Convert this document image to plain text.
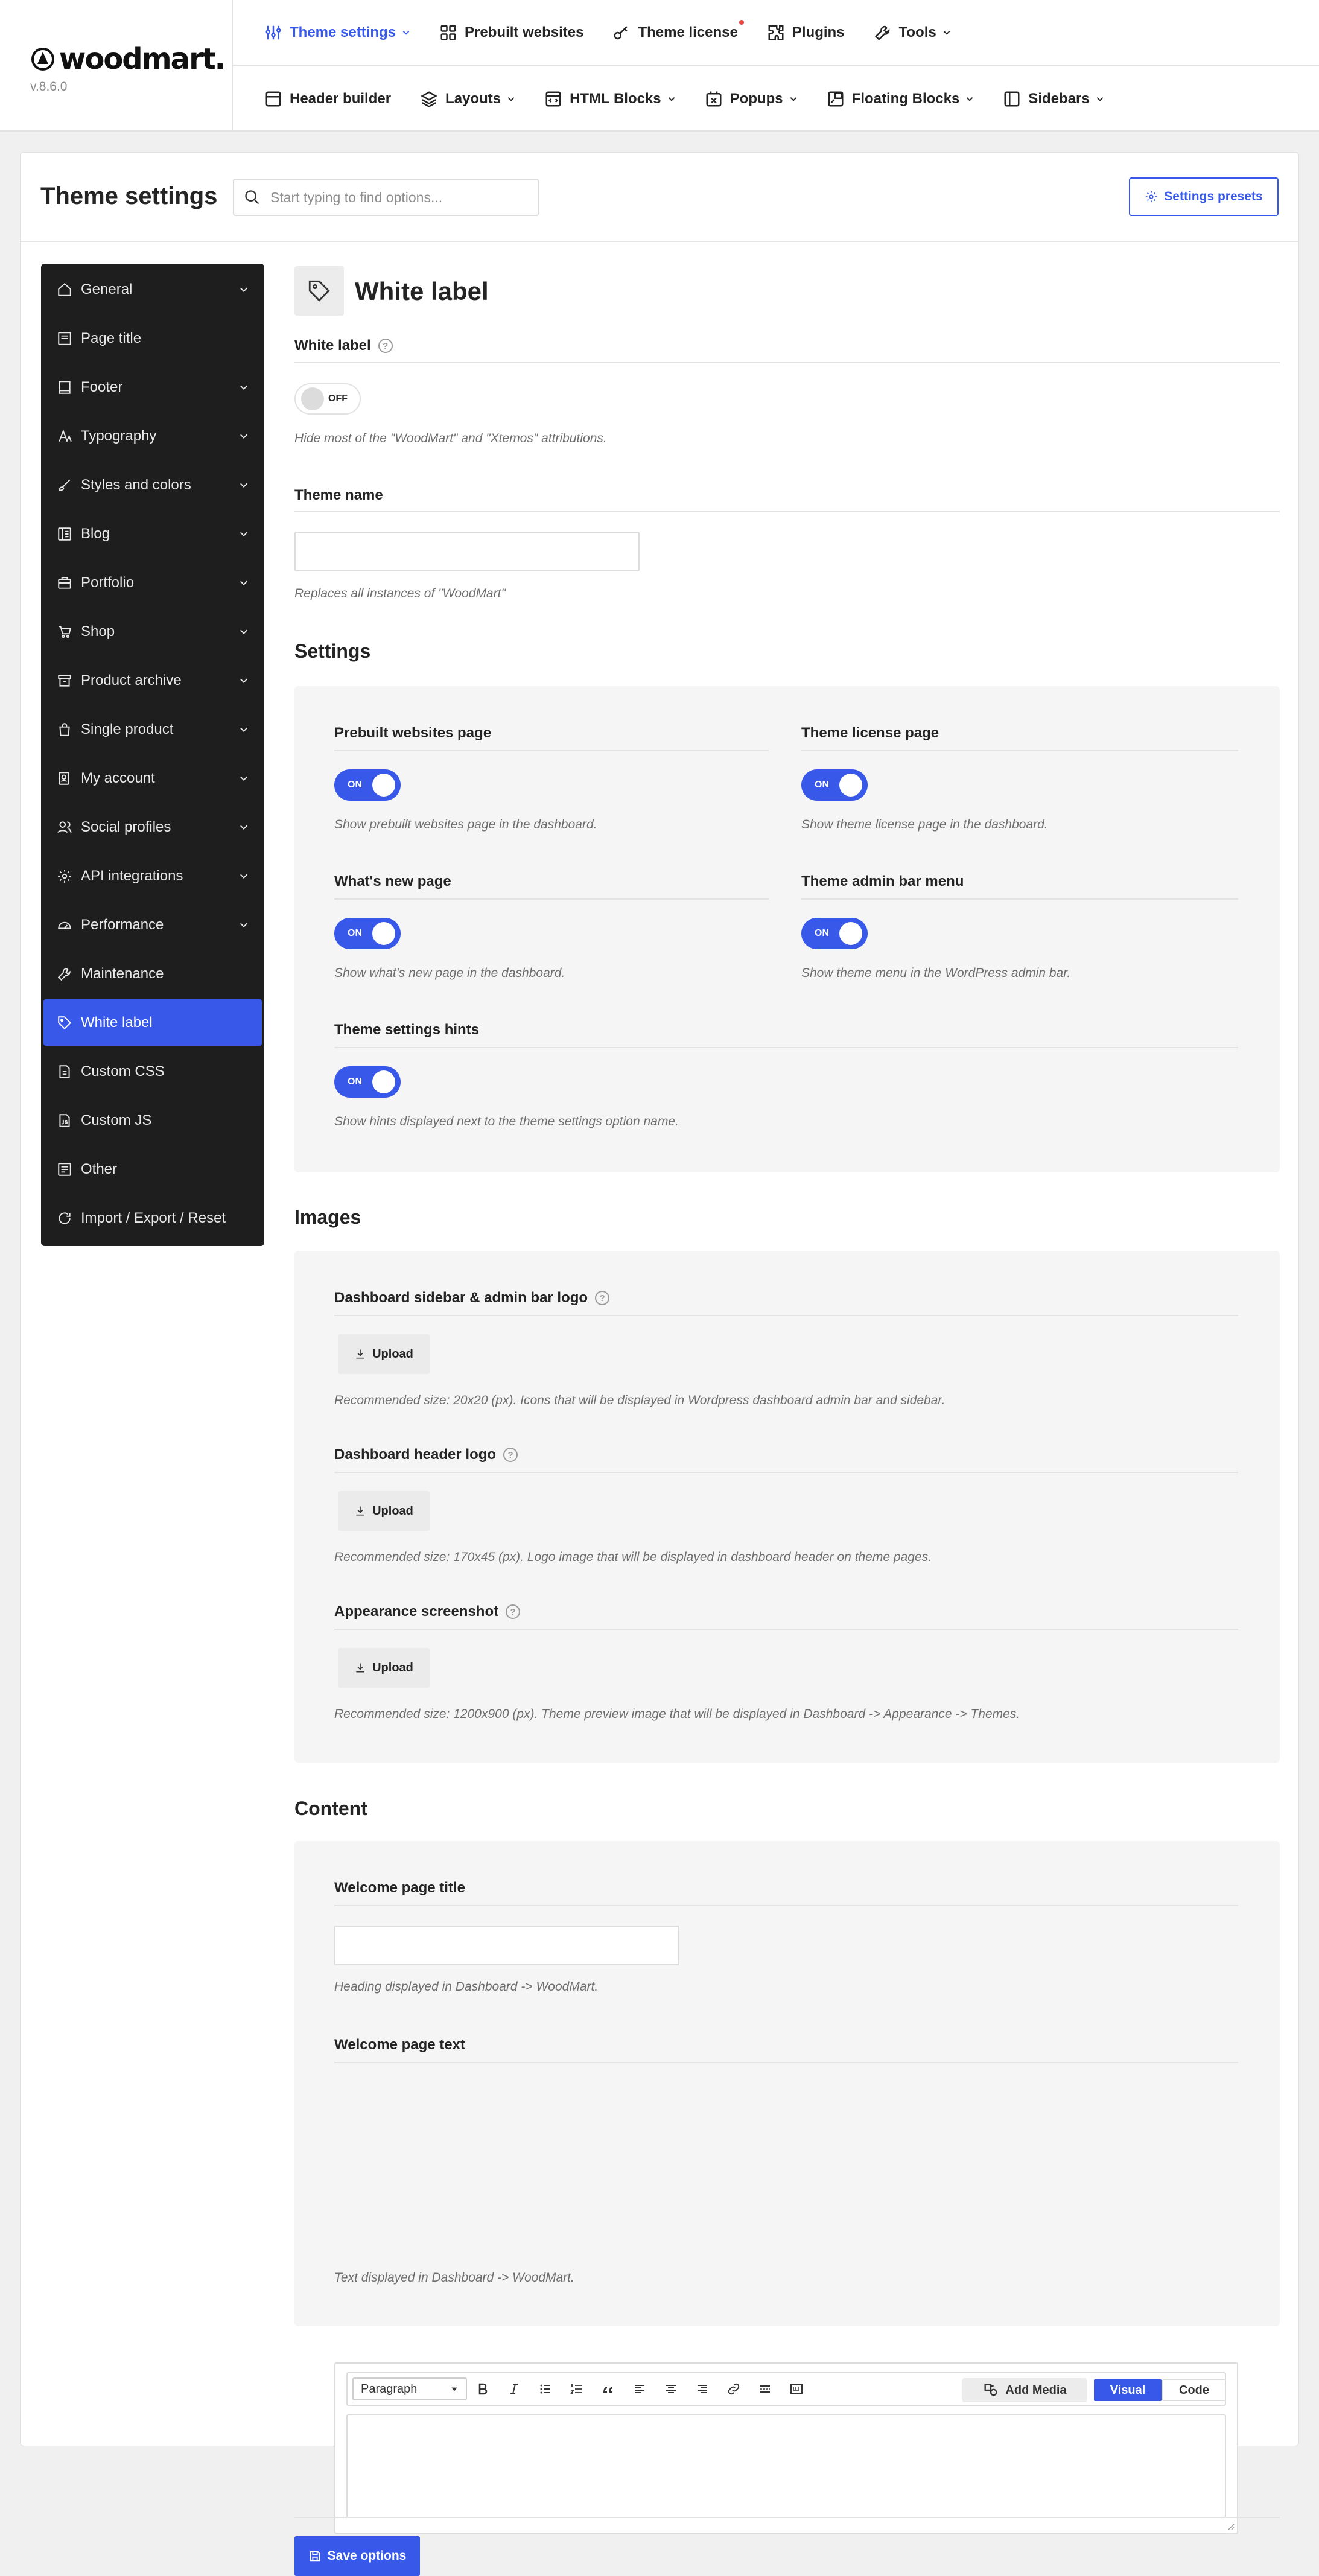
woodmart.
v.8.6.0
Theme settings	Prebuilt websites	Theme license	Plugins	Tools
Header builder	Layouts	HTML Blocks	Popups	Floating Blocks	Sidebars
Theme settings
Start typing to find options...	Settings presets
General
Page title
Footer
Typography
Styles and colors
Blog
Portfolio
Shop
Product archive
Single product
My account
Social profiles
API integrations
Performance
Maintenance
White label
Custom CSS
Custom JS
Other
Import / Export / Reset
White label
White label	?
OFF
Hide most of the "WoodMart" and "Xtemos" attributions.
Theme name
Replaces all instances of "WoodMart"
Settings
Prebuilt websites page
ON
Show prebuilt websites page in the dashboard.
Theme license page
ON
Show theme license page in the dashboard.
What's new page
ON
Show what's new page in the dashboard.
Theme admin bar menu
ON
Show theme menu in the WordPress admin bar.
Theme settings hints
ON
Show hints displayed next to the theme settings option name.
Images
Dashboard sidebar & admin bar logo	?
Upload
Recommended size: 20x20 (px). Icons that will be displayed in Wordpress dashboard admin bar and sidebar.
Dashboard header logo	?
Upload
Recommended size: 170x45 (px). Logo image that will be displayed in dashboard header on theme pages.
Appearance screenshot	?
Upload
Recommended size: 1200x900 (px). Theme preview image that will be displayed in Dashboard -> Appearance -> Themes.
Content
Welcome page title
Heading displayed in Dashboard -> WoodMart.
Welcome page text
Text displayed in Dashboard -> WoodMart.
Paragraph	Add Media	Visual	Code
Save options
